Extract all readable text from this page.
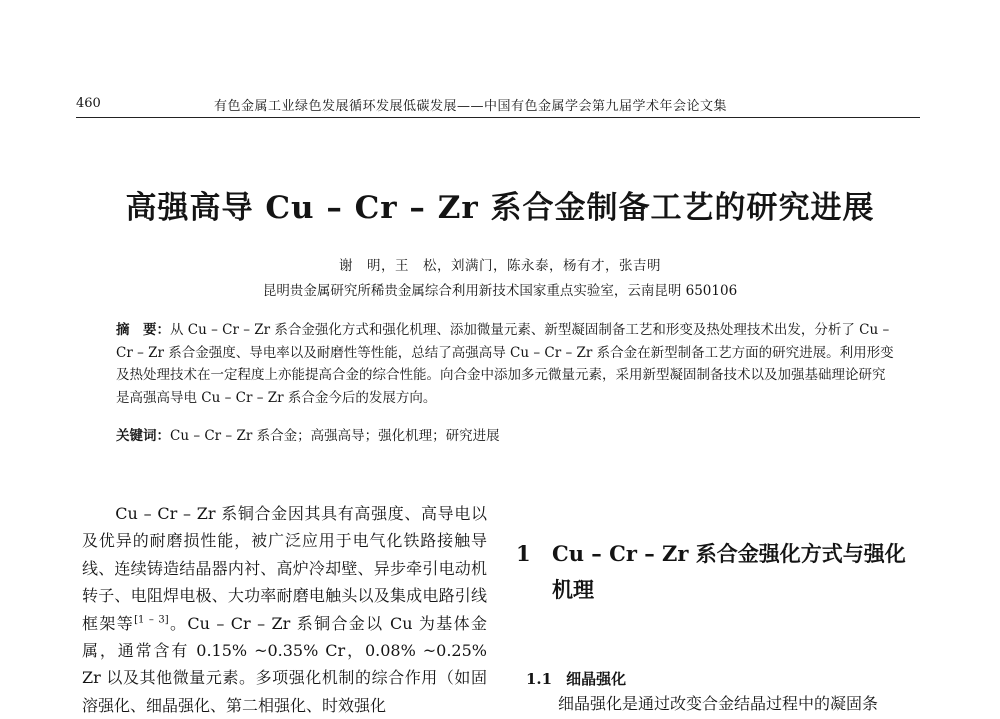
460	有色金属工业绿色发展循环发展低碳发展——中国有色金属学会第九届学术年会论文集
高强高导 Cu – Cr – Zr 系合金制备工艺的研究进展
谢　明，王　松，刘满门，陈永泰，杨有才，张吉明
昆明贵金属研究所稀贵金属综合利用新技术国家重点实验室，云南昆明 650106

摘　要：从 Cu – Cr – Zr 系合金强化方式和强化机理、添加微量元素、新型凝固制备工艺和形变及热处理技术出发，分析了 Cu – Cr – Zr 系合金强度、导电率以及耐磨性等性能，总结了高强高导 Cu – Cr – Zr 系合金在新型制备工艺方面的研究进展。利用形变及热处理技术在一定程度上亦能提高合金的综合性能。向合金中添加多元微量元素，采用新型凝固制备技术以及加强基础理论研究是高强高导电 Cu – Cr – Zr 系合金今后的发展方向。

关键词：Cu – Cr – Zr 系合金；高强高导；强化机理；研究进展

　　Cu – Cr – Zr 系铜合金因其具有高强度、高导电以及优异的耐磨损性能，被广泛应用于电气化铁路接触导线、连续铸造结晶器内衬、高炉冷却壁、异步牵引电动机转子、电阻焊电极、大功率耐磨电触头以及集成电路引线框架等[1 – 3]。Cu – Cr – Zr 系铜合金以 Cu 为基体金属，通常含有 0.15% ~0.35% Cr，0.08% ~0.25% Zr 以及其他微量元素。多项强化机制的综合作用（如固溶强化、细晶强化、第二相强化、时效强化

1 Cu – Cr – Zr 系合金强化方式与强化机理
1.1 细晶强化
细晶强化是通过改变合金结晶过程中的凝固条
